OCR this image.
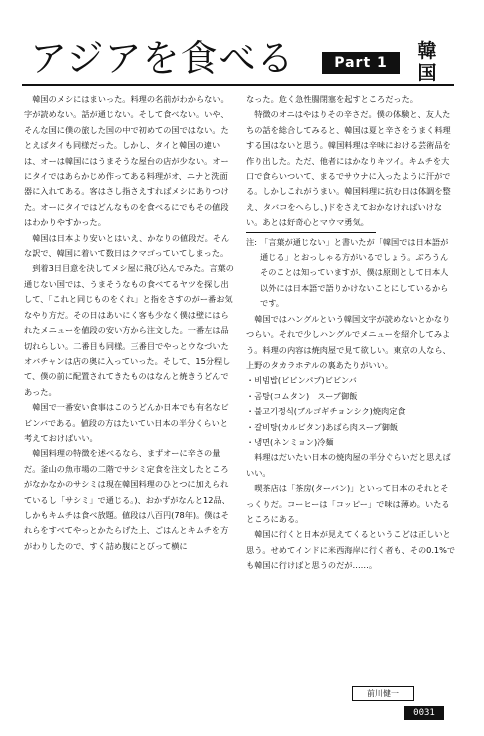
アジアを食べる	Part 1
韓国

韓国のメシにはまいった。料理の名前がわからない。字が読めない。話が通じない。そして食べない。いや、そんな国に僕の旅した国の中で初めての国ではない。たとえばタイも同様だった。しかし、タイと韓国の違いは、オーは韓国にはうまそうな屋台の店が少ない。オーにタイではあらかじめ作ってある料理がオ、ニナと洗面器に入れてある。客はさし指さえすればメシにありつけた。オーにタイではどんなものを食べるにでもその値段はわかりやすかった。

韓国は日本より安いとはいえ、かなりの値段だ。そんな訳で、韓国に着いて数日はクマゴっていてしまった。

到着3日目意を決してメシ屋に飛び込んでみた。言葉の通じない国では、うまそうなもの食べてるヤツを探し出して、「これと同じものをくれ」と指をさすのがー番お気なやり方だ。その日はあいにく客も少なく僕は壁にはられたメニューを値段の安い方から注文した。一番左は品切れらしい。二番目も同様。三番目でやっとウなづいたオバチャンは店の奥に入っていった。そして、15分程して、僕の前に配置されてきたものはなんと焼きうどんであった。

韓国で一番安い食事はこのうどんか日本でも有名なビビンバである。値段の方はたいてい日本の半分くらいと考えておけばいい。

韓国料理の特徴を述べるなら、まずオーに辛さの量だ。釜山の魚市場の二階でサシミ定食を注文したところがなかなかのサシミは現在韓国料理のひとつに加えられているし「サシミ」で通じる。)、おかずがなんと12品、しかもキムチは食べ放題。値段は八百円(78年)。僕はそれらをすべてやっとかたらげた上、ごはんとキムチを方がわりしたので、すく詰め腹にとびって横に

なった。危く急性腸閉塞を起すところだった。

特徴のオニはやはりその辛さだ。僕の体験と、友人たちの話を総合してみると、韓国は夏と辛さをうまく料理する国はないと思う。韓国料理は辛味における芸術品を作り出した。ただ、他者にはかなりキツイ。キムチを大口で食らいついて、まるでサウナに入ったように汗がでる。しかしこれがうまい。韓国料理に抗む日は体調を整え、タバコをへらし、)ドをさえておかなければいけない。あとは好奇心とマウマ勇気。

注: 「言葉が通じない」と書いたが「韓国では日本語が通じる」とおっしゃる方がいるでしょう。ぶろうんそのことは知っていますが、僕は原則として日本人以外には日本語で語りかけないことにしているからです。

韓国ではハングルという韓国文字が読めないとかなりつらい。それで少しハングルでメニューを紹介してみよう。料理の内容は焼肉屋で見て欲しい。東京の人なら、上野のタカラホテルの裏あたりがいい。

・비빔밥(ビビンパプ)ビビンバ
・곰탕(コムタン)　スープ御飯
・불고기정식(ブルゴギチョンシク)焼肉定食
・갈비탕(カルビタン)あばら肉スープ御飯
・냉면(ネンミョン)冷麺

料理はだいたい日本の焼肉屋の半分ぐらいだと思えばいい。

喫茶店は「茶房(ターバン)」といって日本のそれとそっくりだ。コーヒーは「コッピー」で味は薄め。いたるところにある。

韓国に行くと日本が見えてくるというこどは正しいと思う。せめてインドに米西海岸に行く者も、その0.1%でも韓国に行けばと思うのだが……。

前川健一
0031
